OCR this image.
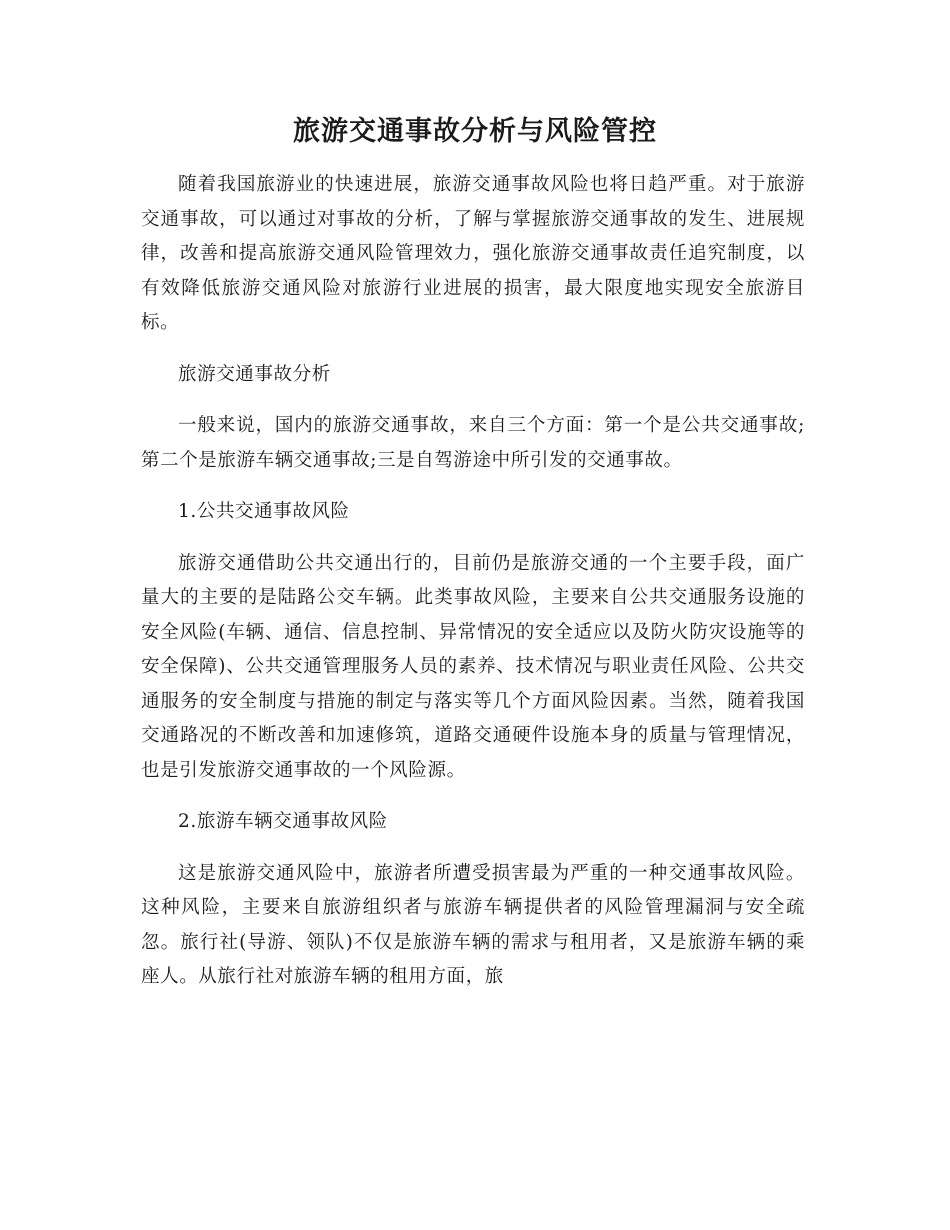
旅游交通事故分析与风险管控

随着我国旅游业的快速进展，旅游交通事故风险也将日趋严重。对于旅游交通事故，可以通过对事故的分析，了解与掌握旅游交通事故的发生、进展规律，改善和提高旅游交通风险管理效力，强化旅游交通事故责任追究制度，以有效降低旅游交通风险对旅游行业进展的损害，最大限度地实现安全旅游目标。

旅游交通事故分析

一般来说，国内的旅游交通事故，来自三个方面：第一个是公共交通事故;第二个是旅游车辆交通事故;三是自驾游途中所引发的交通事故。

1.公共交通事故风险

旅游交通借助公共交通出行的，目前仍是旅游交通的一个主要手段，面广量大的主要的是陆路公交车辆。此类事故风险，主要来自公共交通服务设施的安全风险(车辆、通信、信息控制、异常情况的安全适应以及防火防灾设施等的安全保障)、公共交通管理服务人员的素养、技术情况与职业责任风险、公共交通服务的安全制度与措施的制定与落实等几个方面风险因素。当然，随着我国交通路况的不断改善和加速修筑，道路交通硬件设施本身的质量与管理情况，也是引发旅游交通事故的一个风险源。

2.旅游车辆交通事故风险

这是旅游交通风险中，旅游者所遭受损害最为严重的一种交通事故风险。这种风险，主要来自旅游组织者与旅游车辆提供者的风险管理漏洞与安全疏忽。旅行社(导游、领队)不仅是旅游车辆的需求与租用者，又是旅游车辆的乘座人。从旅行社对旅游车辆的租用方面，旅
